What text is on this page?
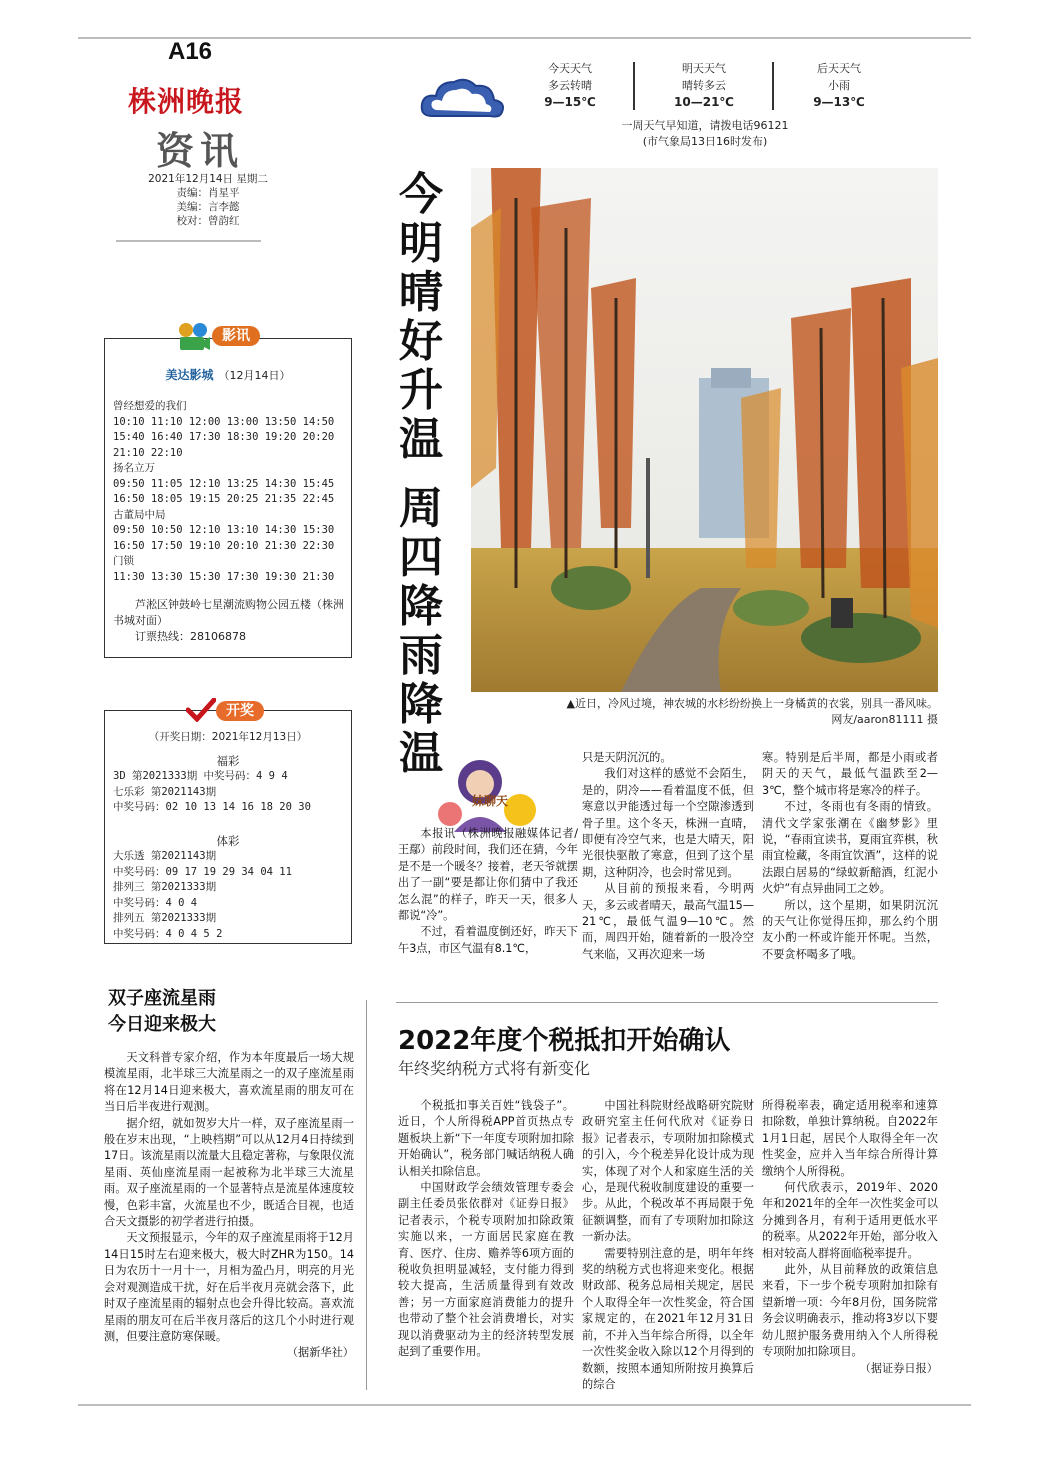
A16
株洲晚报
资讯
2021年12月14日 星期二
责编：肖星平
美编：言李懿
校对：曾韵红
今天天气
多云转晴
9—15℃
明天天气
晴转多云
10—21℃
后天天气
小雨
9—13℃
一周天气早知道，请拨电话96121
(市气象局13日16时发布)
今
明
晴
好
升
温
周
四
降
雨
降
温
▲近日，冷风过境，神农城的水杉纷纷换上一身橘黄的衣裳，别具一番风味。
网友/aaron81111 摄
妹聊天

本报讯（株洲晚报融媒体记者/王鄢）前段时间，我们还在猜，今年是不是一个暖冬？接着，老天爷就摆出了一副“要是都让你们猜中了我还怎么混”的样子，昨天一天，很多人都说“冷”。

不过，看着温度倒还好，昨天下午3点，市区气温有8.1℃，

只是天阴沉沉的。

我们对这样的感觉不会陌生，是的，阴冷——看着温度不低，但寒意以尹能透过每一个空隙渗透到骨子里。这个冬天，株洲一直晴，即便有冷空气来，也是大晴天，阳光很快驱散了寒意，但到了这个星期，这种阴冷，也会时常见到。

从目前的预报来看，今明两天，多云或者晴天，最高气温15—21℃，最低气温9—10℃。然而，周四开始，随着新的一股冷空气来临，又再次迎来一场

寒。特别是后半周，都是小雨或者阴天的天气，最低气温跌至2—3℃，整个城市将是寒冷的样子。

不过，冬雨也有冬雨的情致。清代文学家张潮在《幽梦影》里说，“春雨宜读书，夏雨宜弈棋，秋雨宜检藏，冬雨宜饮酒”，这样的说法跟白居易的“绿蚁新醅酒，红泥小火炉”有点异曲同工之妙。

所以，这个星期，如果阴沉沉的天气让你觉得压抑，那么约个朋友小酌一杯或许能开怀呢。当然，不要贪杯喝多了哦。

美达影城 （12月14日）
曾经想爱的我们
10:10 11:10 12:00 13:00 13:50 14:50
15:40 16:40 17:30 18:30 19:20 20:20
21:10 22:10
扬名立万
09:50 11:05 12:10 13:25 14:30 15:45
16:50 18:05 19:15 20:25 21:35 22:45
古董局中局
09:50 10:50 12:10 13:10 14:30 15:30
16:50 17:50 19:10 20:10 21:30 22:30
门锁
11:30 13:30 15:30 17:30 19:30 21:30

芦淞区钟鼓岭七星潮流购物公园五楼（株洲书城对面）

订票热线：28106878

影讯
（开奖日期：2021年12月13日）
福彩
3D 第2021333期 中奖号码：4 9 4
七乐彩 第2021143期
中奖号码：02 10 13 14 16 18 20 30
体彩
大乐透 第2021143期
中奖号码：09 17 19 29 34 04 11
排列三 第2021333期
中奖号码：4 0 4
排列五 第2021333期
中奖号码：4 0 4 5 2
开奖
双子座流星雨
今日迎来极大

天文科普专家介绍，作为本年度最后一场大规模流星雨，北半球三大流星雨之一的双子座流星雨将在12月14日迎来极大，喜欢流星雨的朋友可在当日后半夜进行观测。

据介绍，就如贺岁大片一样，双子座流星雨一般在岁末出现，“上映档期”可以从12月4日持续到17日。该流星雨以流量大且稳定著称，与象限仪流星雨、英仙座流星雨一起被称为北半球三大流星雨。双子座流星雨的一个显著特点是流星体速度较慢，色彩丰富，火流星也不少，既适合目视，也适合天文摄影的初学者进行拍摄。

天文预报显示，今年的双子座流星雨将于12月14日15时左右迎来极大，极大时ZHR为150。14日为农历十一月十一，月相为盈凸月，明亮的月光会对观测造成干扰，好在后半夜月亮就会落下，此时双子座流星雨的辐射点也会升得比较高。喜欢流星雨的朋友可在后半夜月落后的这几个小时进行观测，但要注意防寒保暖。

（据新华社）

2022年度个税抵扣开始确认
年终奖纳税方式将有新变化

个税抵扣事关百姓“钱袋子”。近日，个人所得税APP首页热点专题板块上新“下一年度专项附加扣除开始确认”，税务部门喊话纳税人确认相关扣除信息。

中国财政学会绩效管理专委会副主任委员张依群对《证券日报》记者表示，个税专项附加扣除政策实施以来，一方面居民家庭在教育、医疗、住房、赡养等6项方面的税收负担明显减轻，支付能力得到较大提高，生活质量得到有效改善；另一方面家庭消费能力的提升也带动了整个社会消费增长，对实现以消费驱动为主的经济转型发展起到了重要作用。

中国社科院财经战略研究院财政研究室主任何代欣对《证券日报》记者表示，专项附加扣除模式的引入，今个税差异化设计成为现实，体现了对个人和家庭生活的关心，是现代税收制度建设的重要一步。从此，个税改革不再局限于免征额调整，而有了专项附加扣除这一新办法。

需要特别注意的是，明年年终奖的纳税方式也将迎来变化。根据财政部、税务总局相关规定，居民个人取得全年一次性奖金，符合国家规定的，在2021年12月31日前，不并入当年综合所得，以全年一次性奖金收入除以12个月得到的数额，按照本通知所附按月换算后的综合

所得税率表，确定适用税率和速算扣除数，单独计算纳税。自2022年1月1日起，居民个人取得全年一次性奖金，应并入当年综合所得计算缴纳个人所得税。

何代欣表示，2019年、2020年和2021年的全年一次性奖金可以分摊到各月，有利于适用更低水平的税率。从2022年开始，部分收入相对较高人群将面临税率提升。

此外，从目前释放的政策信息来看，下一步个税专项附加扣除有望新增一项：今年8月份，国务院常务会议明确表示，推动将3岁以下婴幼儿照护服务费用纳入个人所得税专项附加扣除项目。

（据证券日报）
